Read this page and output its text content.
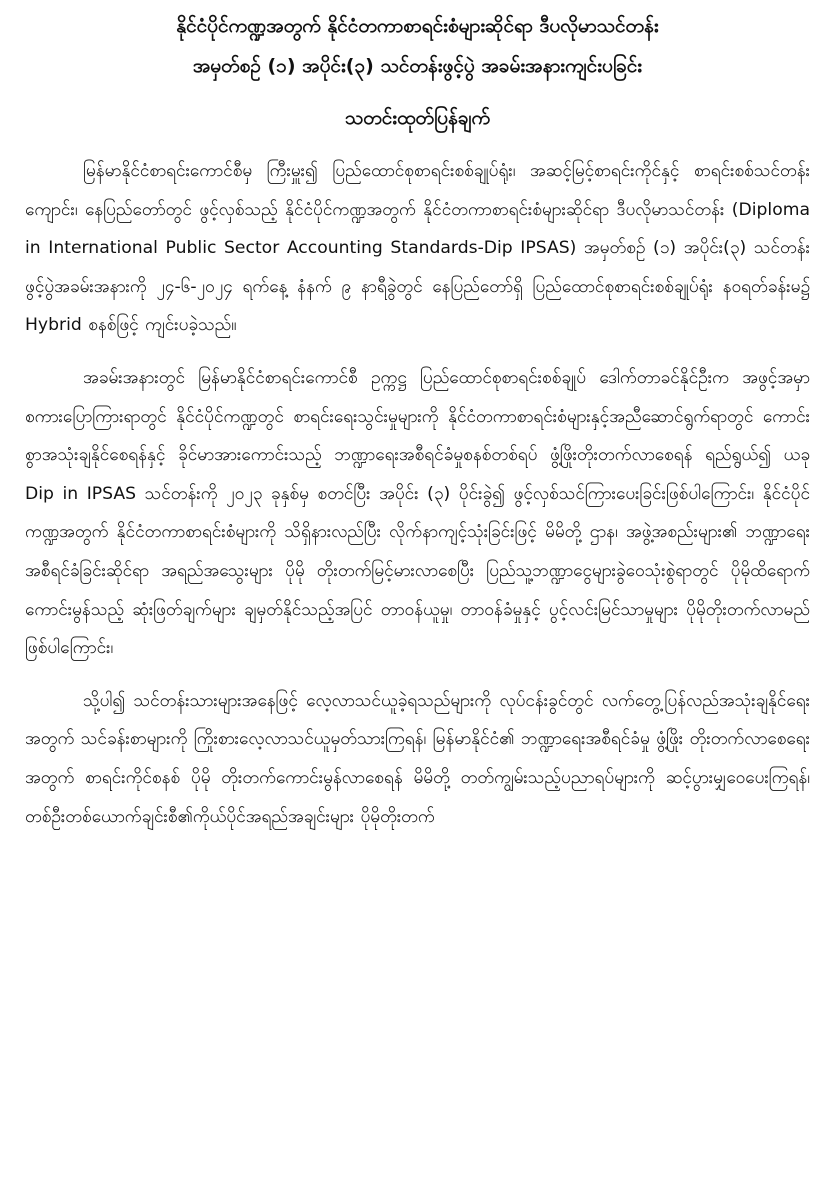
နိုင်ငံပိုင်ကဏ္ဍအတွက် နိုင်ငံတကာစာရင်းစံများဆိုင်ရာ ဒီပလိုမာသင်တန်း

အမှတ်စဉ် (၁) အပိုင်း(၃) သင်တန်းဖွင့်ပွဲ အခမ်းအနားကျင်းပခြင်း

သတင်းထုတ်ပြန်ချက်

မြန်မာနိုင်ငံစာရင်းကောင်စီမှ ကြီးမှူး၍ ပြည်ထောင်စုစာရင်းစစ်ချုပ်ရုံး၊ အဆင့်မြင့်စာရင်းကိုင်နှင့် စာရင်းစစ်သင်တန်းကျောင်း၊ နေပြည်တော်တွင် ဖွင့်လှစ်သည့် နိုင်ငံပိုင်ကဏ္ဍအတွက် နိုင်ငံတကာစာရင်းစံများဆိုင်ရာ ဒီပလိုမာသင်တန်း (Diploma in International Public Sector Accounting Standards-Dip IPSAS) အမှတ်စဉ် (၁) အပိုင်း(၃) သင်တန်းဖွင့်ပွဲအခမ်းအနားကို ၂၄-၆-၂၀၂၄ ရက်နေ့ နံနက် ၉ နာရီခွဲတွင် နေပြည်တော်ရှိ ပြည်ထောင်စုစာရင်းစစ်ချုပ်ရုံး နဝရတ်ခန်းမ၌ Hybrid စနစ်ဖြင့် ကျင်းပခဲ့သည်။

အခမ်းအနားတွင် မြန်မာနိုင်ငံစာရင်းကောင်စီ ဥက္ကဋ္ဌ ပြည်ထောင်စုစာရင်းစစ်ချုပ် ဒေါက်တာခင်နိုင်ဦးက အဖွင့်အမှာစကားပြောကြားရာတွင် နိုင်ငံပိုင်ကဏ္ဍတွင် စာရင်းရေးသွင်းမှုများကို နိုင်ငံတကာစာရင်းစံများနှင့်အညီဆောင်ရွက်ရာတွင် ကောင်းစွာအသုံးချနိုင်စေရန်နှင့် ခိုင်မာအားကောင်းသည့် ဘဏ္ဍာရေးအစီရင်ခံမှုစနစ်တစ်ရပ် ဖွံ့ဖြိုးတိုးတက်လာစေရန် ရည်ရွယ်၍ ယခု Dip in IPSAS သင်တန်းကို ၂၀၂၃ ခုနှစ်မှ စတင်ပြီး အပိုင်း (၃) ပိုင်းခွဲ၍ ဖွင့်လှစ်သင်ကြားပေးခြင်းဖြစ်ပါကြောင်း၊ နိုင်ငံပိုင်ကဏ္ဍအတွက် နိုင်ငံတကာစာရင်းစံများကို သိရှိနားလည်ပြီး လိုက်နာကျင့်သုံးခြင်းဖြင့် မိမိတို့ ဌာန၊ အဖွဲ့အစည်းများ၏ ဘဏ္ဍာရေး အစီရင်ခံခြင်းဆိုင်ရာ အရည်အသွေးများ ပိုမို တိုးတက်မြင့်မားလာစေပြီး ပြည်သူ့ဘဏ္ဍာငွေများခွဲဝေသုံးစွဲရာတွင် ပိုမိုထိရောက်ကောင်းမွန်သည့် ဆုံးဖြတ်ချက်များ ချမှတ်နိုင်သည့်အပြင် တာဝန်ယူမှု၊ တာဝန်ခံမှုနှင့် ပွင့်လင်းမြင်သာမှုများ ပိုမိုတိုးတက်လာမည် ဖြစ်ပါကြောင်း၊

သို့ပါ၍ သင်တန်းသားများအနေဖြင့် လေ့လာသင်ယူခဲ့ရသည်များကို လုပ်ငန်းခွင်တွင် လက်တွေ့ပြန်လည်အသုံးချနိုင်ရေးအတွက် သင်ခန်းစာများကို ကြိုးစားလေ့လာသင်ယူမှတ်သားကြရန်၊ မြန်မာနိုင်ငံ၏ ဘဏ္ဍာရေးအစီရင်ခံမှု ဖွံ့ဖြိုး တိုးတက်လာစေရေးအတွက် စာရင်းကိုင်စနစ် ပိုမို တိုးတက်ကောင်းမွန်လာစေရန် မိမိတို့ တတ်ကျွမ်းသည့်ပညာရပ်များကို ဆင့်ပွားမျှဝေပေးကြရန်၊တစ်ဦးတစ်ယောက်ချင်းစီ၏ကိုယ်ပိုင်အရည်အချင်းများ ပိုမိုတိုးတက်
